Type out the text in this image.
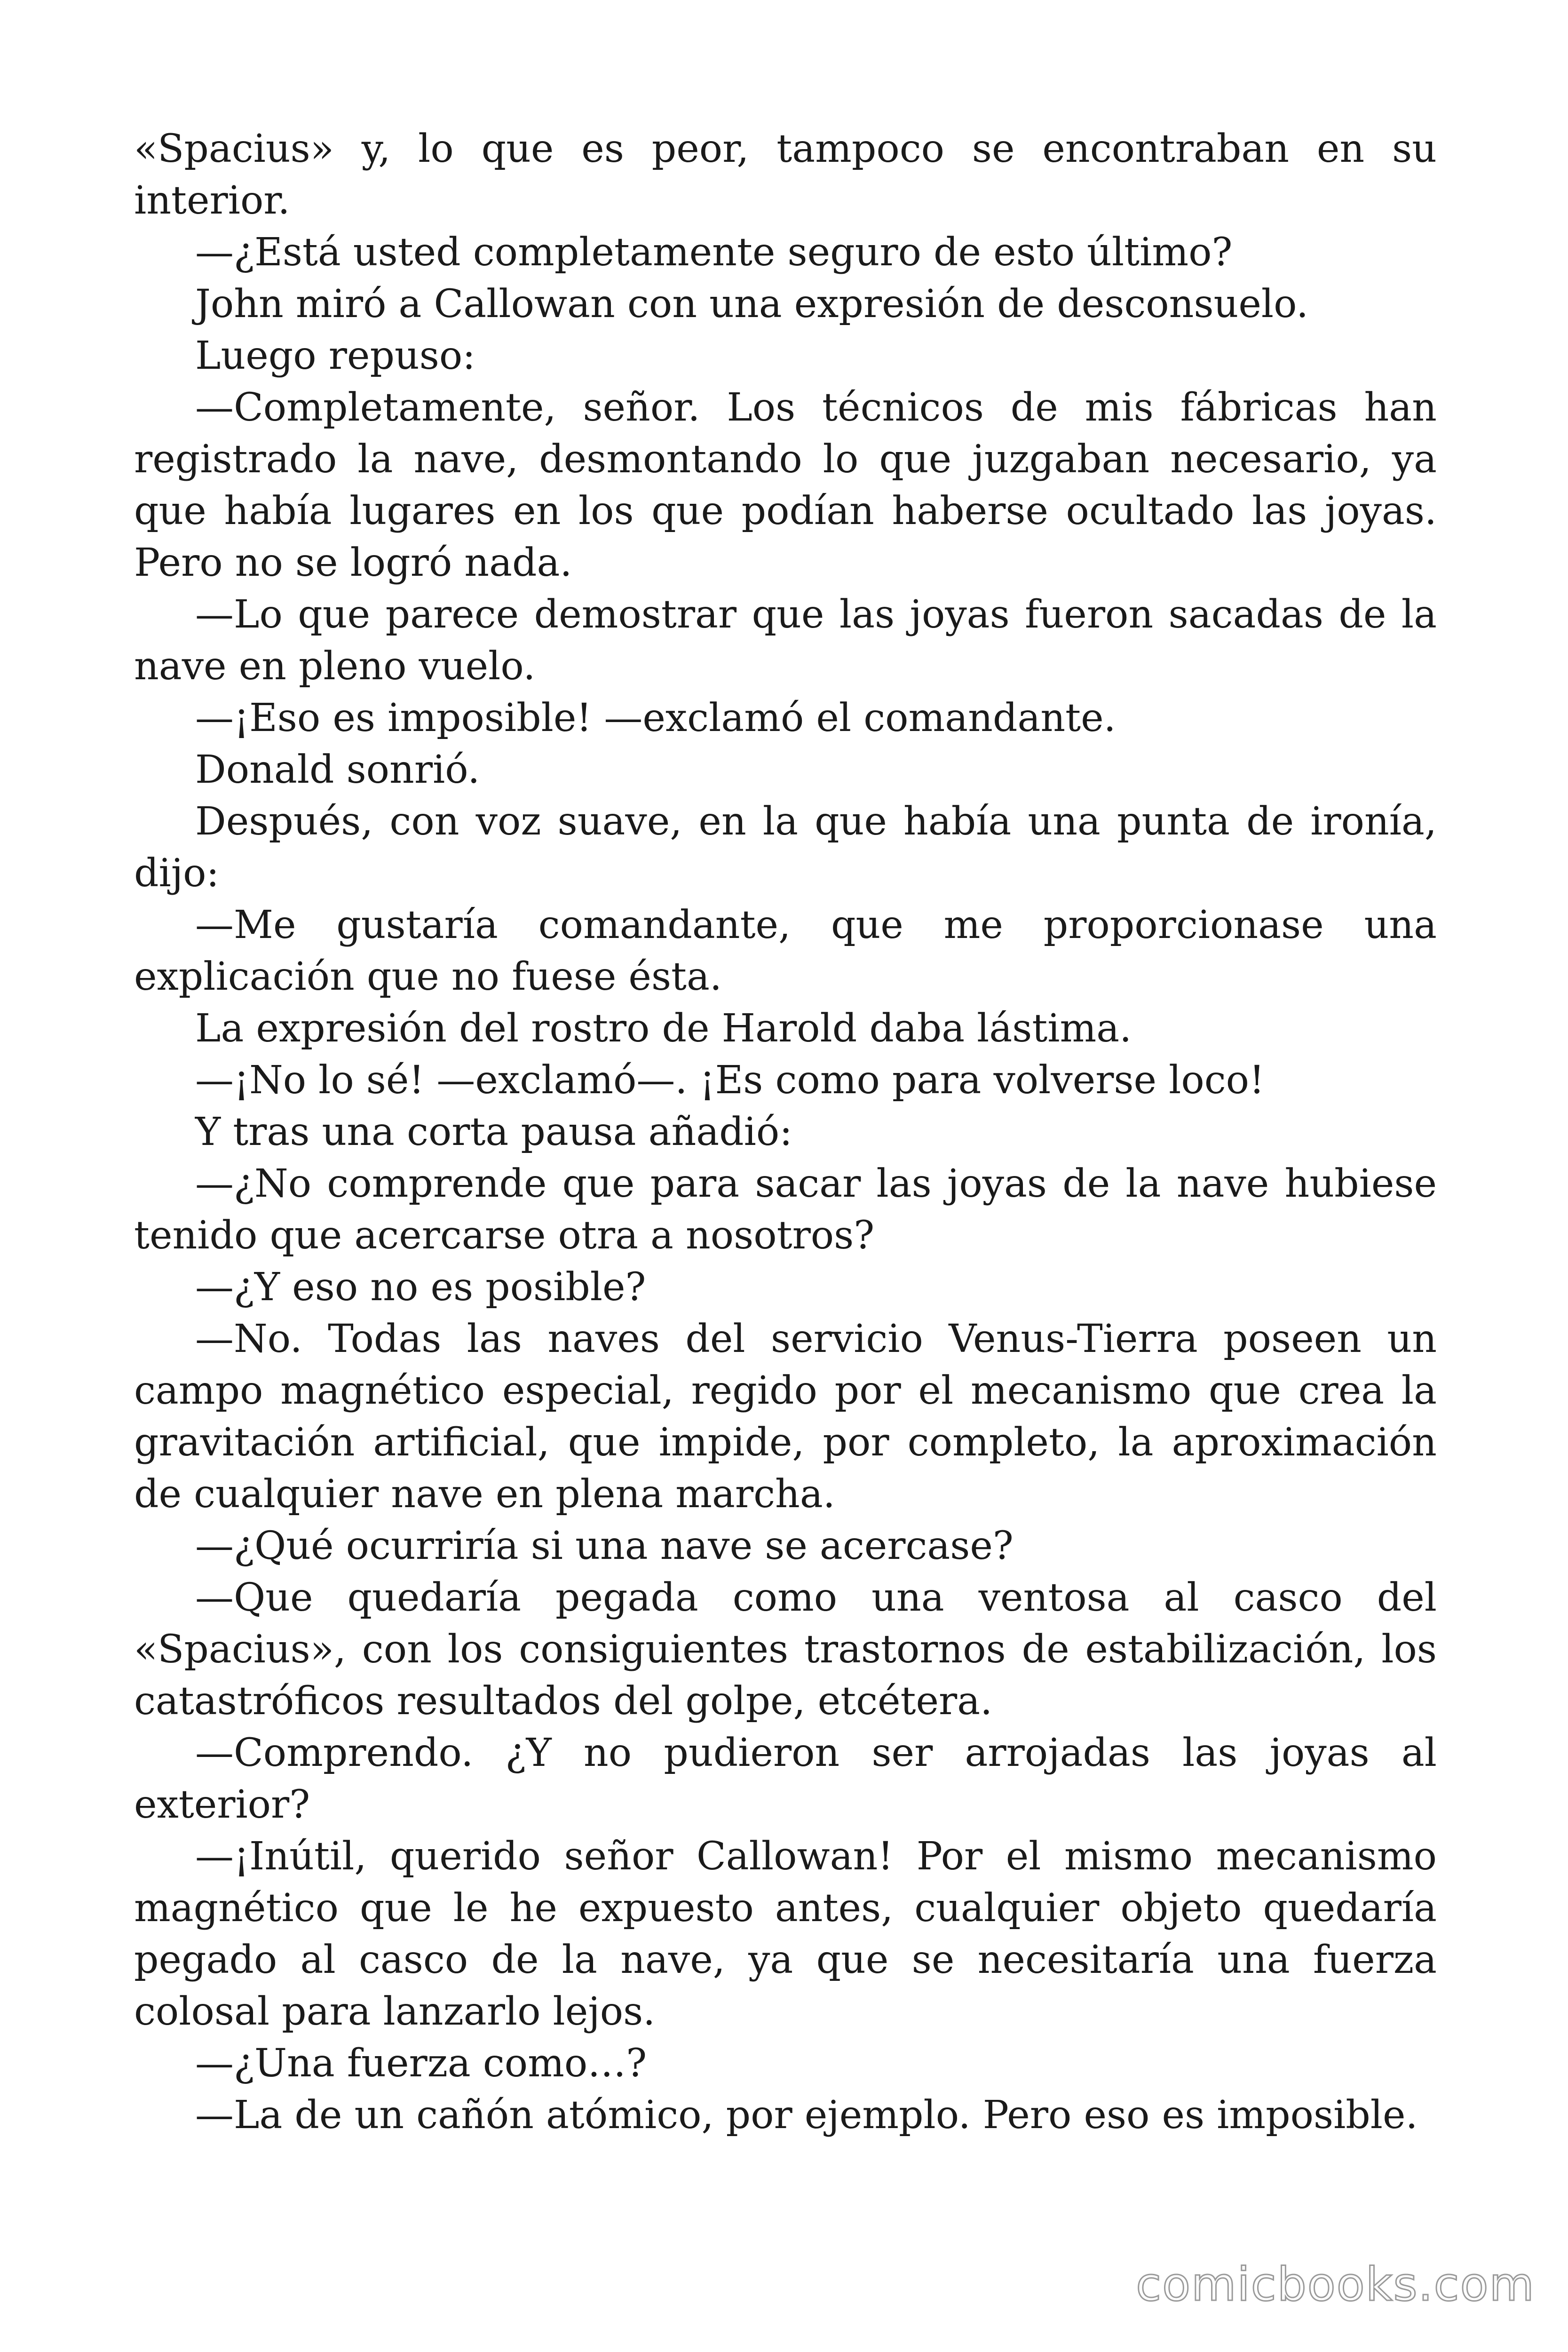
«Spacius» y, lo que es peor, tampoco se encontraban en su interior.

—¿Está usted completamente seguro de esto último?

John miró a Callowan con una expresión de desconsuelo.

Luego repuso:

—Completamente, señor. Los técnicos de mis fábricas han registrado la nave, desmontando lo que juzgaban necesario, ya que había lugares en los que podían haberse ocultado las joyas. Pero no se logró nada.

—Lo que parece demostrar que las joyas fueron sacadas de la nave en pleno vuelo.

—¡Eso es imposible! —exclamó el comandante.

Donald sonrió.

Después, con voz suave, en la que había una punta de ironía, dijo:

—Me gustaría comandante, que me proporcionase una explicación que no fuese ésta.

La expresión del rostro de Harold daba lástima.

—¡No lo sé! —exclamó—. ¡Es como para volverse loco!

Y tras una corta pausa añadió:

—¿No comprende que para sacar las joyas de la nave hubiese tenido que acercarse otra a nosotros?

—¿Y eso no es posible?

—No. Todas las naves del servicio Venus-Tierra poseen un campo magnético especial, regido por el mecanismo que crea la gravitación artificial, que impide, por completo, la aproximación de cualquier nave en plena marcha.

—¿Qué ocurriría si una nave se acercase?

—Que quedaría pegada como una ventosa al casco del «Spacius», con los consiguientes trastornos de estabilización, los catastróficos resultados del golpe, etcétera.

—Comprendo. ¿Y no pudieron ser arrojadas las joyas al exterior?

—¡Inútil, querido señor Callowan! Por el mismo mecanismo magnético que le he expuesto antes, cualquier objeto quedaría pegado al casco de la nave, ya que se necesitaría una fuerza colosal para lanzarlo lejos.

—¿Una fuerza como…?

—La de un cañón atómico, por ejemplo. Pero eso es imposible.

comicbooks.com
